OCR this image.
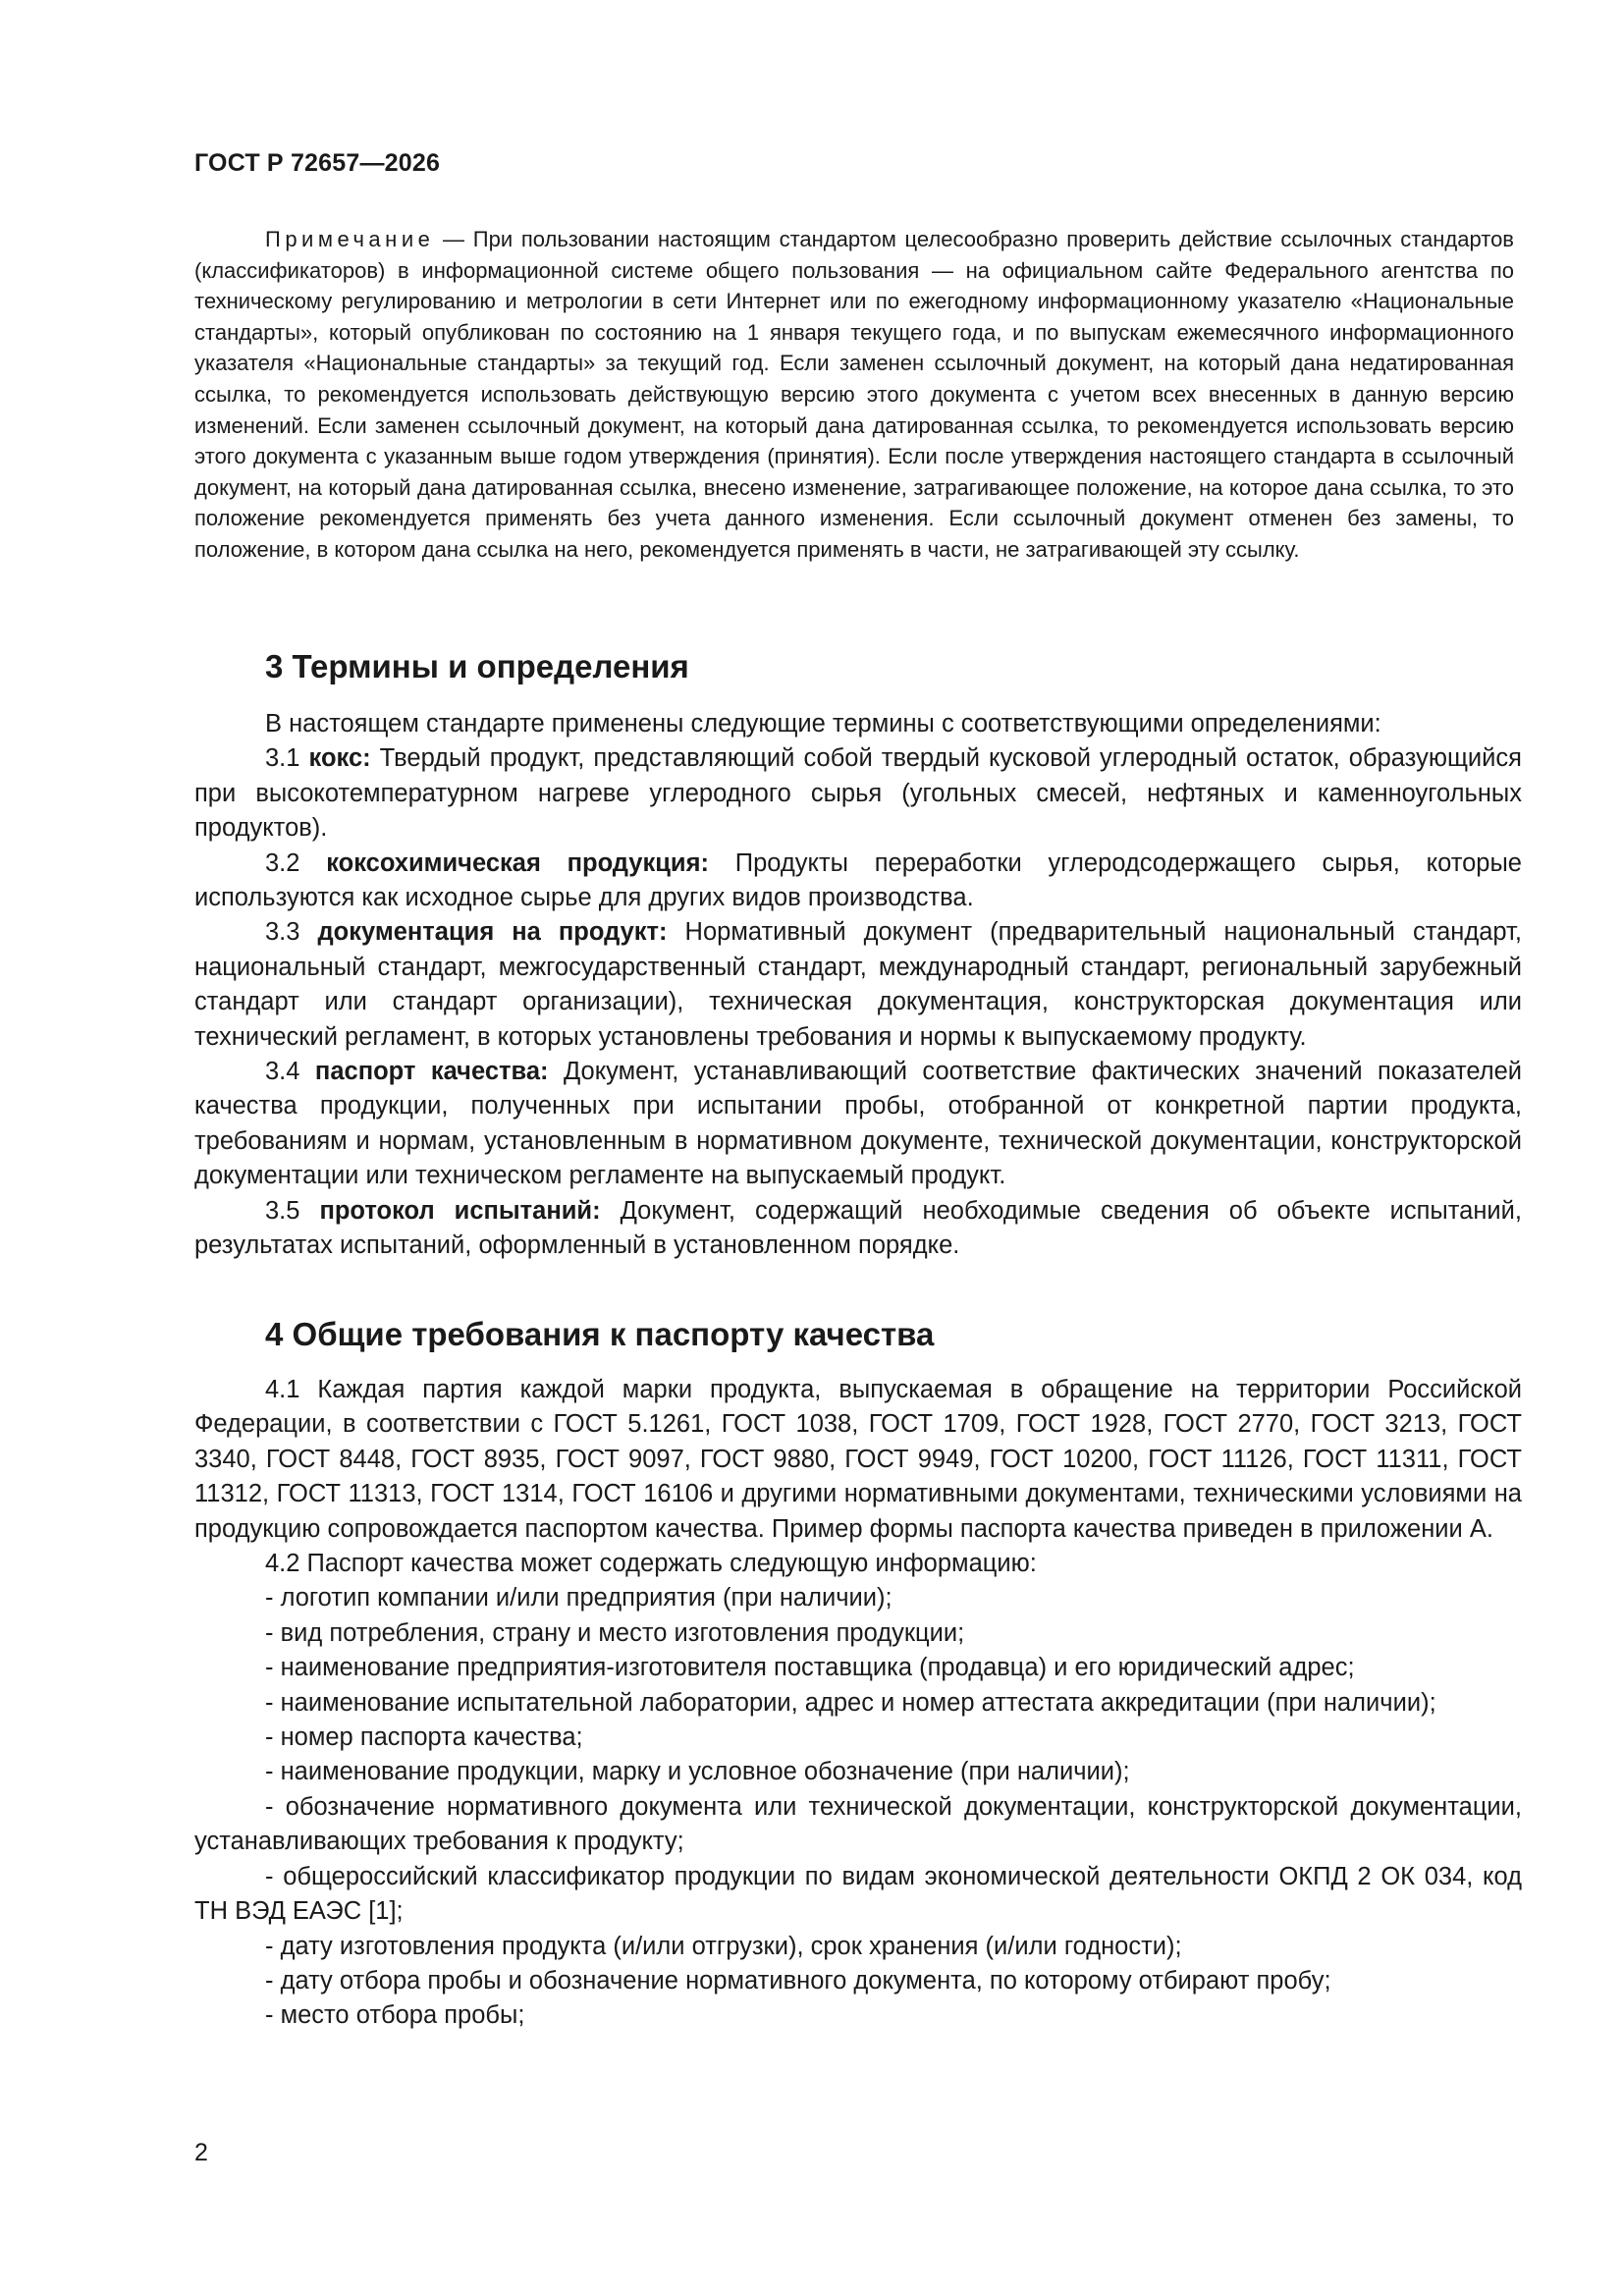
ГОСТ Р 72657—2026

Примечание — При пользовании настоящим стандартом целесообразно проверить действие ссылочных стандартов (классификаторов) в информационной системе общего пользования — на официальном сайте Федерального агентства по техническому регулированию и метрологии в сети Интернет или по ежегодному информационному указателю «Национальные стандарты», который опубликован по состоянию на 1 января текущего года, и по выпускам ежемесячного информационного указателя «Национальные стандарты» за текущий год. Если заменен ссылочный документ, на который дана недатированная ссылка, то рекомендуется использовать действующую версию этого документа с учетом всех внесенных в данную версию изменений. Если заменен ссылочный документ, на который дана датированная ссылка, то рекомендуется использовать версию этого документа с указанным выше годом утверждения (принятия). Если после утверждения настоящего стандарта в ссылочный документ, на который дана датированная ссылка, внесено изменение, затрагивающее положение, на которое дана ссылка, то это положение рекомендуется применять без учета данного изменения. Если ссылочный документ отменен без замены, то положение, в котором дана ссылка на него, рекомендуется применять в части, не затрагивающей эту ссылку.

3 Термины и определения

В настоящем стандарте применены следующие термины с соответствующими определениями:

3.1 кокс: Твердый продукт, представляющий собой твердый кусковой углеродный остаток, образующийся при высокотемпературном нагреве углеродного сырья (угольных смесей, нефтяных и каменноугольных продуктов).

3.2 коксохимическая продукция: Продукты переработки углеродсодержащего сырья, которые используются как исходное сырье для других видов производства.

3.3 документация на продукт: Нормативный документ (предварительный национальный стандарт, национальный стандарт, межгосударственный стандарт, международный стандарт, региональный зарубежный стандарт или стандарт организации), техническая документация, конструкторская документация или технический регламент, в которых установлены требования и нормы к выпускаемому продукту.

3.4 паспорт качества: Документ, устанавливающий соответствие фактических значений показателей качества продукции, полученных при испытании пробы, отобранной от конкретной партии продукта, требованиям и нормам, установленным в нормативном документе, технической документации, конструкторской документации или техническом регламенте на выпускаемый продукт.

3.5 протокол испытаний: Документ, содержащий необходимые сведения об объекте испытаний, результатах испытаний, оформленный в установленном порядке.

4 Общие требования к паспорту качества

4.1 Каждая партия каждой марки продукта, выпускаемая в обращение на территории Российской Федерации, в соответствии с ГОСТ 5.1261, ГОСТ 1038, ГОСТ 1709, ГОСТ 1928, ГОСТ 2770, ГОСТ 3213, ГОСТ 3340, ГОСТ 8448, ГОСТ 8935, ГОСТ 9097, ГОСТ 9880, ГОСТ 9949, ГОСТ 10200, ГОСТ 11126, ГОСТ 11311, ГОСТ 11312, ГОСТ 11313, ГОСТ 1314, ГОСТ 16106 и другими нормативными документами, техническими условиями на продукцию сопровождается паспортом качества. Пример формы паспорта качества приведен в приложении А.

4.2 Паспорт качества может содержать следующую информацию:

- логотип компании и/или предприятия (при наличии);

- вид потребления, страну и место изготовления продукции;

- наименование предприятия-изготовителя поставщика (продавца) и его юридический адрес;

- наименование испытательной лаборатории, адрес и номер аттестата аккредитации (при наличии);

- номер паспорта качества;

- наименование продукции, марку и условное обозначение (при наличии);

- обозначение нормативного документа или технической документации, конструкторской документации, устанавливающих требования к продукту;

- общероссийский классификатор продукции по видам экономической деятельности ОКПД 2 ОК 034, код ТН ВЭД ЕАЭС [1];

- дату изготовления продукта (и/или отгрузки), срок хранения (и/или годности);

- дату отбора пробы и обозначение нормативного документа, по которому отбирают пробу;

- место отбора пробы;

2
